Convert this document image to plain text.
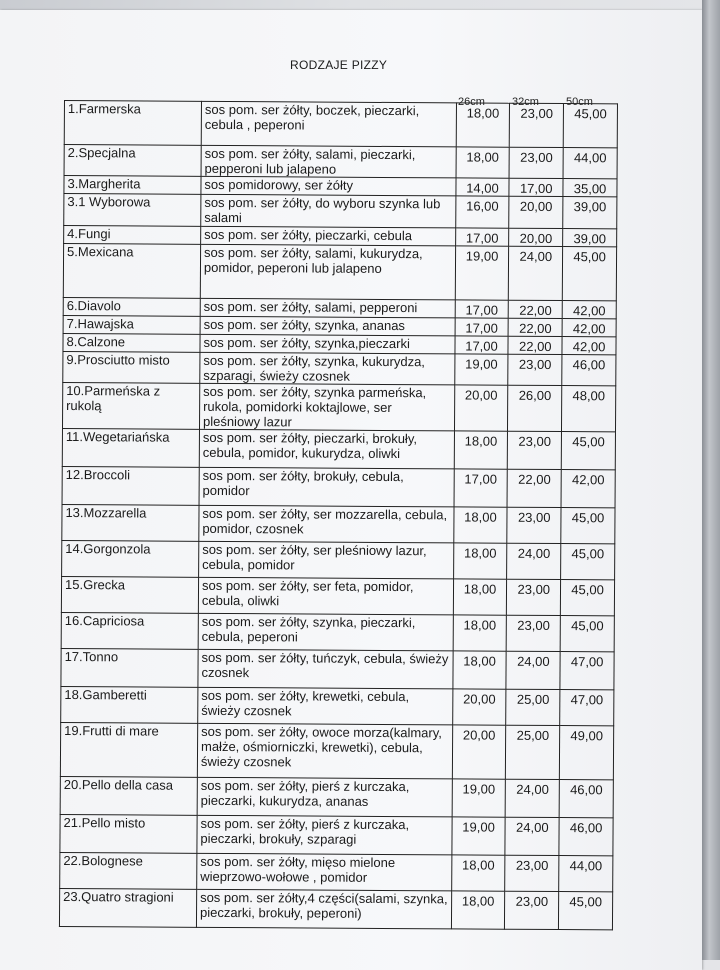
RODZAJE PIZZY
26cm 32cm 50cm
1.Farmerska	sos pom. ser żółty, boczek, pieczarki, cebula , peperoni	18,00	23,00	45,00
2.Specjalna	sos pom. ser żółty, salami, pieczarki, pepperoni lub jalapeno	18,00	23,00	44,00
3.Margherita	sos pomidorowy, ser żółty	14,00	17,00	35,00
3.1 Wyborowa	sos pom. ser żółty, do wyboru szynka lub salami	16,00	20,00	39,00
4.Fungi	sos pom. ser żółty, pieczarki, cebula	17,00	20,00	39,00
5.Mexicana	sos pom. ser żółty, salami, kukurydza, pomidor, peperoni lub jalapeno	19,00	24,00	45,00
6.Diavolo	sos pom. ser żółty, salami, pepperoni	17,00	22,00	42,00
7.Hawajska	sos pom. ser żółty, szynka, ananas	17,00	22,00	42,00
8.Calzone	sos pom. ser żółty, szynka,pieczarki	17,00	22,00	42,00
9.Prosciutto misto	sos pom. ser żółty, szynka, kukurydza, szparagi, świeży czosnek	19,00	23,00	46,00
10.Parmeńska z rukolą	sos pom. ser żółty, szynka parmeńska, rukola, pomidorki koktajlowe, ser pleśniowy lazur	20,00	26,00	48,00
11.Wegetariańska	sos pom. ser żółty, pieczarki, brokuły, cebula, pomidor, kukurydza, oliwki	18,00	23,00	45,00
12.Broccoli	sos pom. ser żółty, brokuły, cebula, pomidor	17,00	22,00	42,00
13.Mozzarella	sos pom. ser żółty, ser mozzarella, cebula, pomidor, czosnek	18,00	23,00	45,00
14.Gorgonzola	sos pom. ser żółty, ser pleśniowy lazur, cebula, pomidor	18,00	24,00	45,00
15.Grecka	sos pom. ser żółty, ser feta, pomidor, cebula, oliwki	18,00	23,00	45,00
16.Capriciosa	sos pom. ser żółty, szynka, pieczarki, cebula, peperoni	18,00	23,00	45,00
17.Tonno	sos pom. ser żółty, tuńczyk, cebula, świeży czosnek	18,00	24,00	47,00
18.Gamberetti	sos pom. ser żółty, krewetki, cebula, świeży czosnek	20,00	25,00	47,00
19.Frutti di mare	sos pom. ser żółty, owoce morza(kalmary, małże, ośmiorniczki, krewetki), cebula, świeży czosnek	20,00	25,00	49,00
20.Pello della casa	sos pom. ser żółty, pierś z kurczaka, pieczarki, kukurydza, ananas	19,00	24,00	46,00
21.Pello misto	sos pom. ser żółty, pierś z kurczaka, pieczarki, brokuły, szparagi	19,00	24,00	46,00
22.Bolognese	sos pom. ser żółty, mięso mielone wieprzowo-wołowe , pomidor	18,00	23,00	44,00
23.Quatro stragioni	sos pom. ser żółty,4 części(salami, szynka, pieczarki, brokuły, peperoni)	18,00	23,00	45,00
